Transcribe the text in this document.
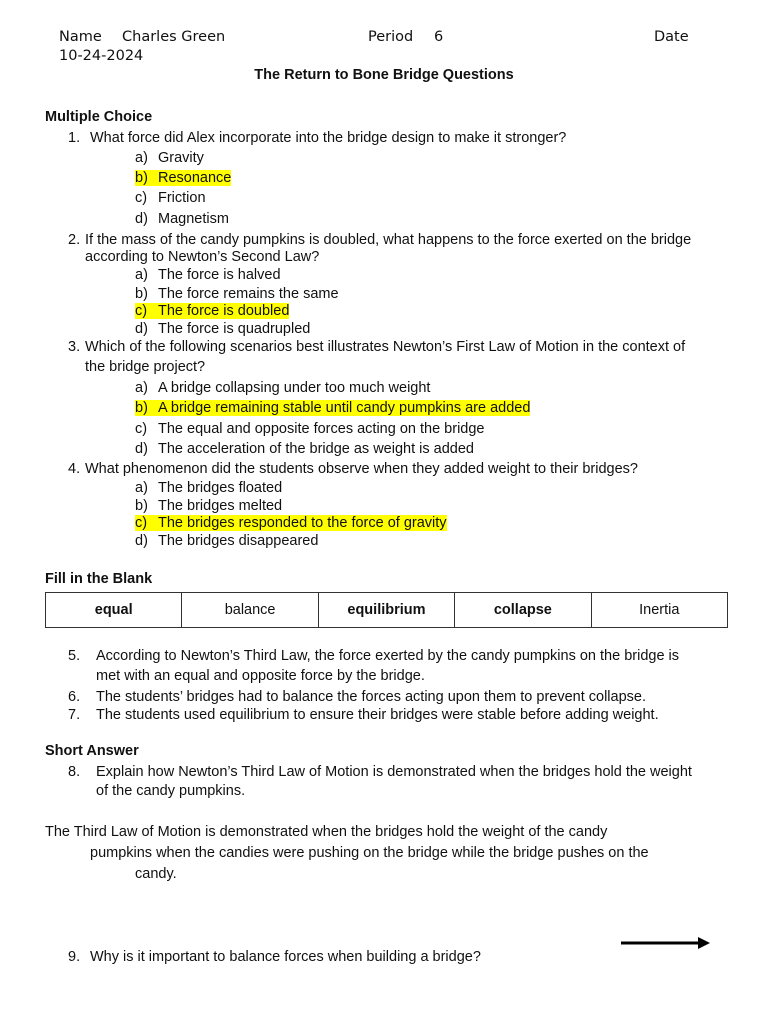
Name Charles Green	Period 6	Date
10-24-2024
The Return to Bone Bridge Questions
Multiple Choice
1. What force did Alex incorporate into the bridge design to make it stronger?
a) Gravity
b) Resonance
c) Friction
d) Magnetism
2. If the mass of the candy pumpkins is doubled, what happens to the force exerted on the bridge
according to Newton’s Second Law?
a) The force is halved
b) The force remains the same
c) The force is doubled
d) The force is quadrupled
3. Which of the following scenarios best illustrates Newton’s First Law of Motion in the context of
the bridge project?
a) A bridge collapsing under too much weight
b) A bridge remaining stable until candy pumpkins are added
c) The equal and opposite forces acting on the bridge
d) The acceleration of the bridge as weight is added
4. What phenomenon did the students observe when they added weight to their bridges?
a) The bridges floated
b) The bridges melted
c) The bridges responded to the force of gravity
d) The bridges disappeared
Fill in the Blank
equal	balance	equilibrium	collapse	Inertia
5. According to Newton’s Third Law, the force exerted by the candy pumpkins on the bridge is
met with an equal and opposite force by the bridge.
6. The students’ bridges had to balance the forces acting upon them to prevent collapse.
7. The students used equilibrium to ensure their bridges were stable before adding weight.
Short Answer
8. Explain how Newton’s Third Law of Motion is demonstrated when the bridges hold the weight
of the candy pumpkins.
The Third Law of Motion is demonstrated when the bridges hold the weight of the candy
pumpkins when the candies were pushing on the bridge while the bridge pushes on the
candy.
9. Why is it important to balance forces when building a bridge?
